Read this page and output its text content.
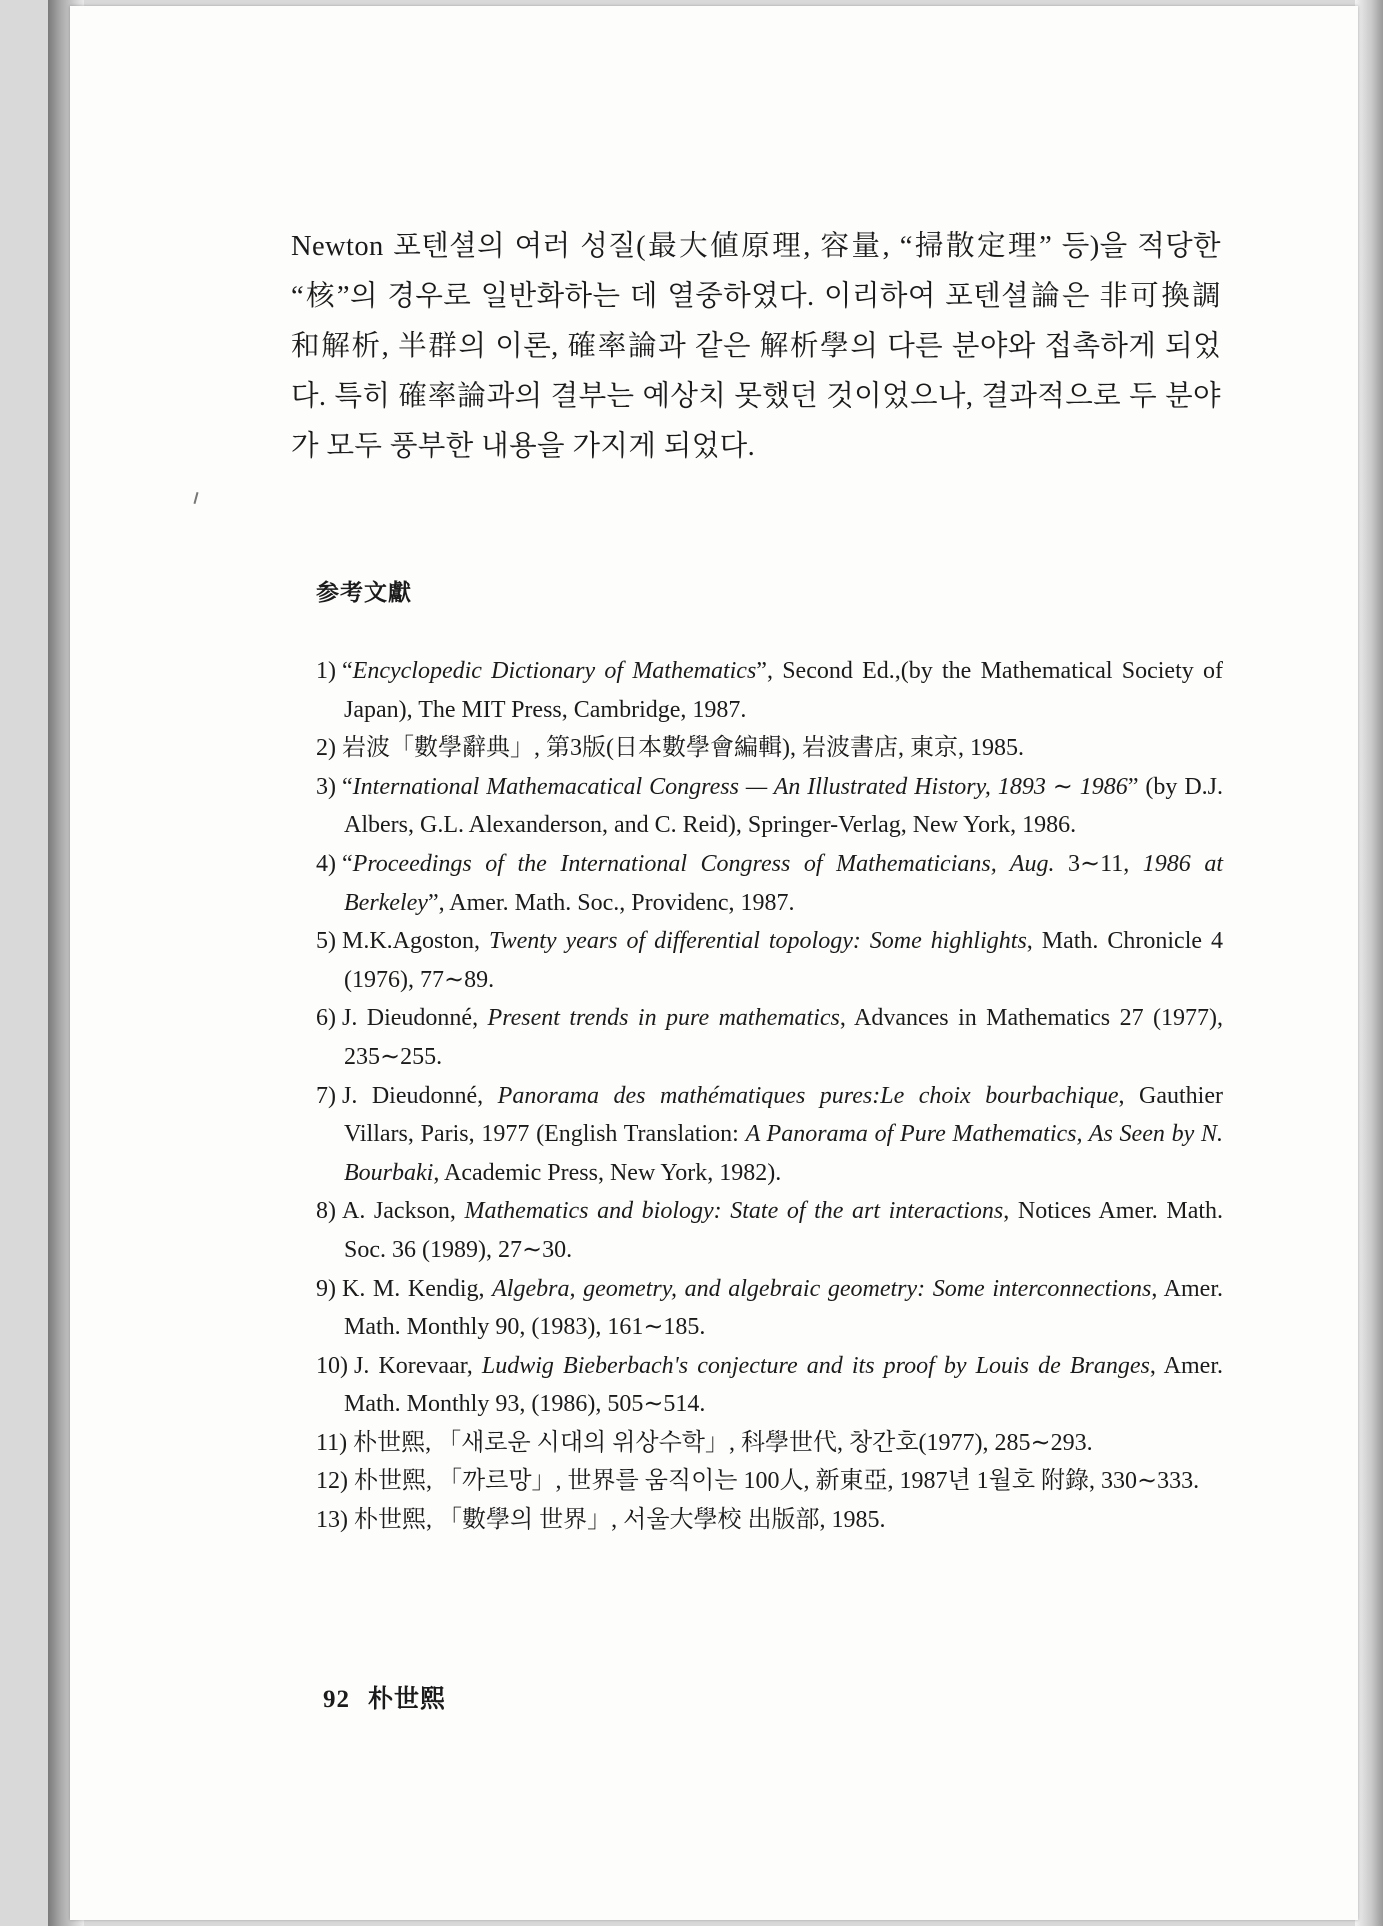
Newton 포텐셜의 여러 성질(最大値原理, 容量, “掃散定理” 등)을 적당한 “核”의 경우로 일반화하는 데 열중하였다. 이리하여 포텐셜論은 非可換調和解析, 半群의 이론, 確率論과 같은 解析學의 다른 분야와 접촉하게 되었다. 특히 確率論과의 결부는 예상치 못했던 것이었으나, 결과적으로 두 분야가 모두 풍부한 내용을 가지게 되었다.

参考文獻
1) “Encyclopedic Dictionary of Mathematics”, Second Ed.,(by the Mathematical Society of Japan), The MIT Press, Cambridge, 1987.
2) 岩波「數學辭典」, 第3版(日本數學會編輯), 岩波書店, 東京, 1985.
3) “International Mathemacatical Congress — An Illustrated History, 1893 ∼ 1986” (by D.J. Albers, G.L. Alexanderson, and C. Reid), Springer-Verlag, New York, 1986.
4) “Proceedings of the International Congress of Mathematicians, Aug. 3∼11, 1986 at Berkeley”, Amer. Math. Soc., Providenc, 1987.
5) M.K.Agoston, Twenty years of differential topology: Some highlights, Math. Chronicle 4 (1976), 77∼89.
6) J. Dieudonné, Present trends in pure mathematics, Advances in Mathematics 27 (1977), 235∼255.
7) J. Dieudonné, Panorama des mathématiques pures:Le choix bourbachique, Gauthier Villars, Paris, 1977 (English Translation: A Panorama of Pure Mathematics, As Seen by N. Bourbaki, Academic Press, New York, 1982).
8) A. Jackson, Mathematics and biology: State of the art interactions, Notices Amer. Math. Soc. 36 (1989), 27∼30.
9) K. M. Kendig, Algebra, geometry, and algebraic geometry: Some interconnections, Amer. Math. Monthly 90, (1983), 161∼185.
10) J. Korevaar, Ludwig Bieberbach's conjecture and its proof by Louis de Branges, Amer. Math. Monthly 93, (1986), 505∼514.
11) 朴世熙, 「새로운 시대의 위상수학」, 科學世代, 창간호(1977), 285∼293.
12) 朴世熙, 「까르망」, 世界를 움직이는 100人, 新東亞, 1987년 1월호 附錄, 330∼333.
13) 朴世熙, 「數學의 世界」, 서울大學校 出版部, 1985.
92 朴世熙
